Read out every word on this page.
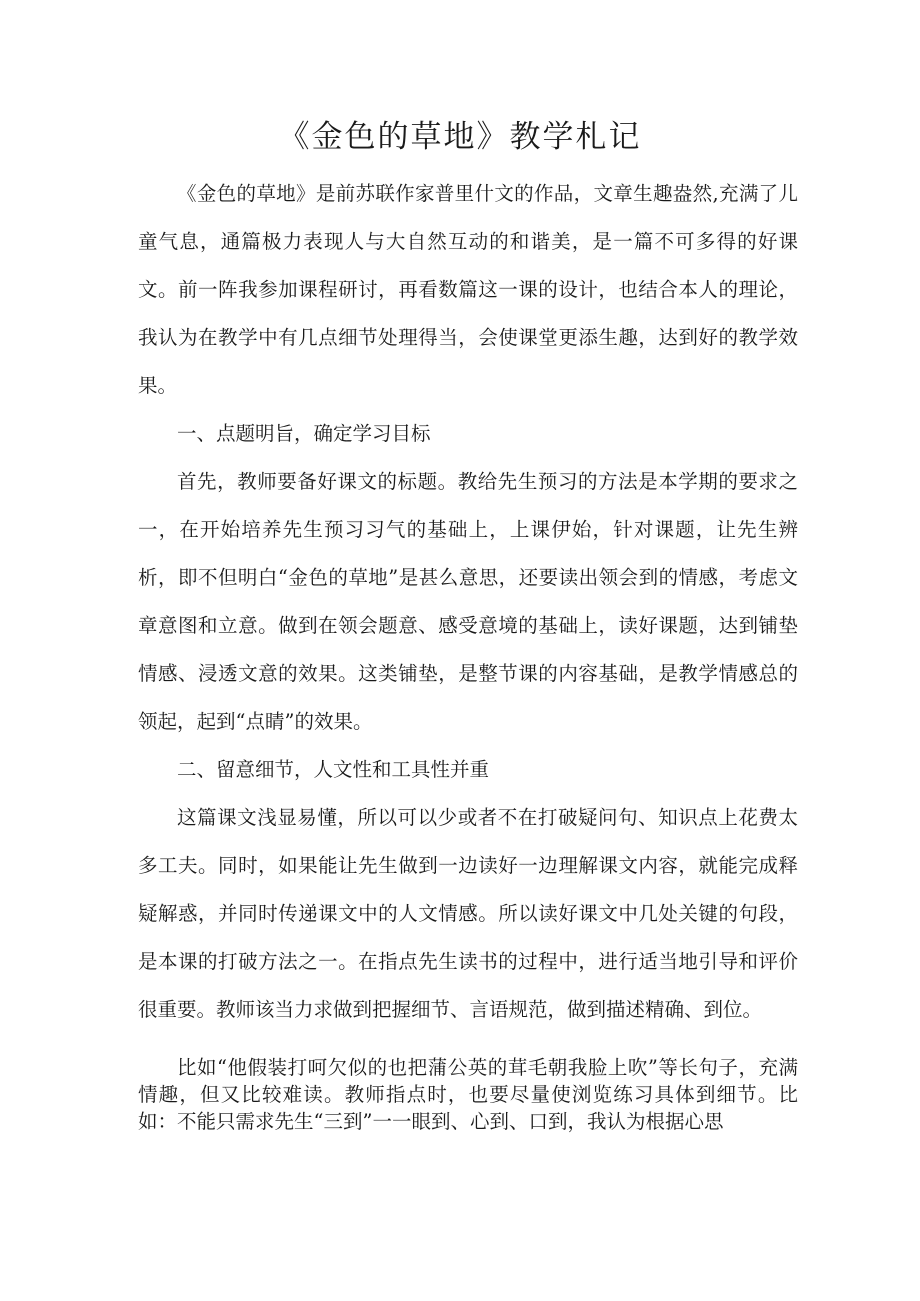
《金色的草地》教学札记

《金色的草地》是前苏联作家普里什文的作品，文章生趣盎然,充满了儿童气息，通篇极力表现人与大自然互动的和谐美，是一篇不可多得的好课文。前一阵我参加课程研讨，再看数篇这一课的设计，也结合本人的理论，我认为在教学中有几点细节处理得当，会使课堂更添生趣，达到好的教学效果。

一、点题明旨，确定学习目标

首先，教师要备好课文的标题。教给先生预习的方法是本学期的要求之一，在开始培养先生预习习气的基础上，上课伊始，针对课题，让先生辨析，即不但明白“金色的草地”是甚么意思，还要读出领会到的情感，考虑文章意图和立意。做到在领会题意、感受意境的基础上，读好课题，达到铺垫情感、浸透文意的效果。这类铺垫，是整节课的内容基础，是教学情感总的领起，起到“点睛”的效果。

二、留意细节，人文性和工具性并重

这篇课文浅显易懂，所以可以少或者不在打破疑问句、知识点上花费太多工夫。同时，如果能让先生做到一边读好一边理解课文内容，就能完成释疑解惑，并同时传递课文中的人文情感。所以读好课文中几处关键的句段，是本课的打破方法之一。在指点先生读书的过程中，进行适当地引导和评价很重要。教师该当力求做到把握细节、言语规范，做到描述精确、到位。

比如“他假装打呵欠似的也把蒲公英的茸毛朝我脸上吹”等长句子，充满情趣，但又比较难读。教师指点时，也要尽量使浏览练习具体到细节。比如：不能只需求先生“三到”一一眼到、心到、口到，我认为根据心思
